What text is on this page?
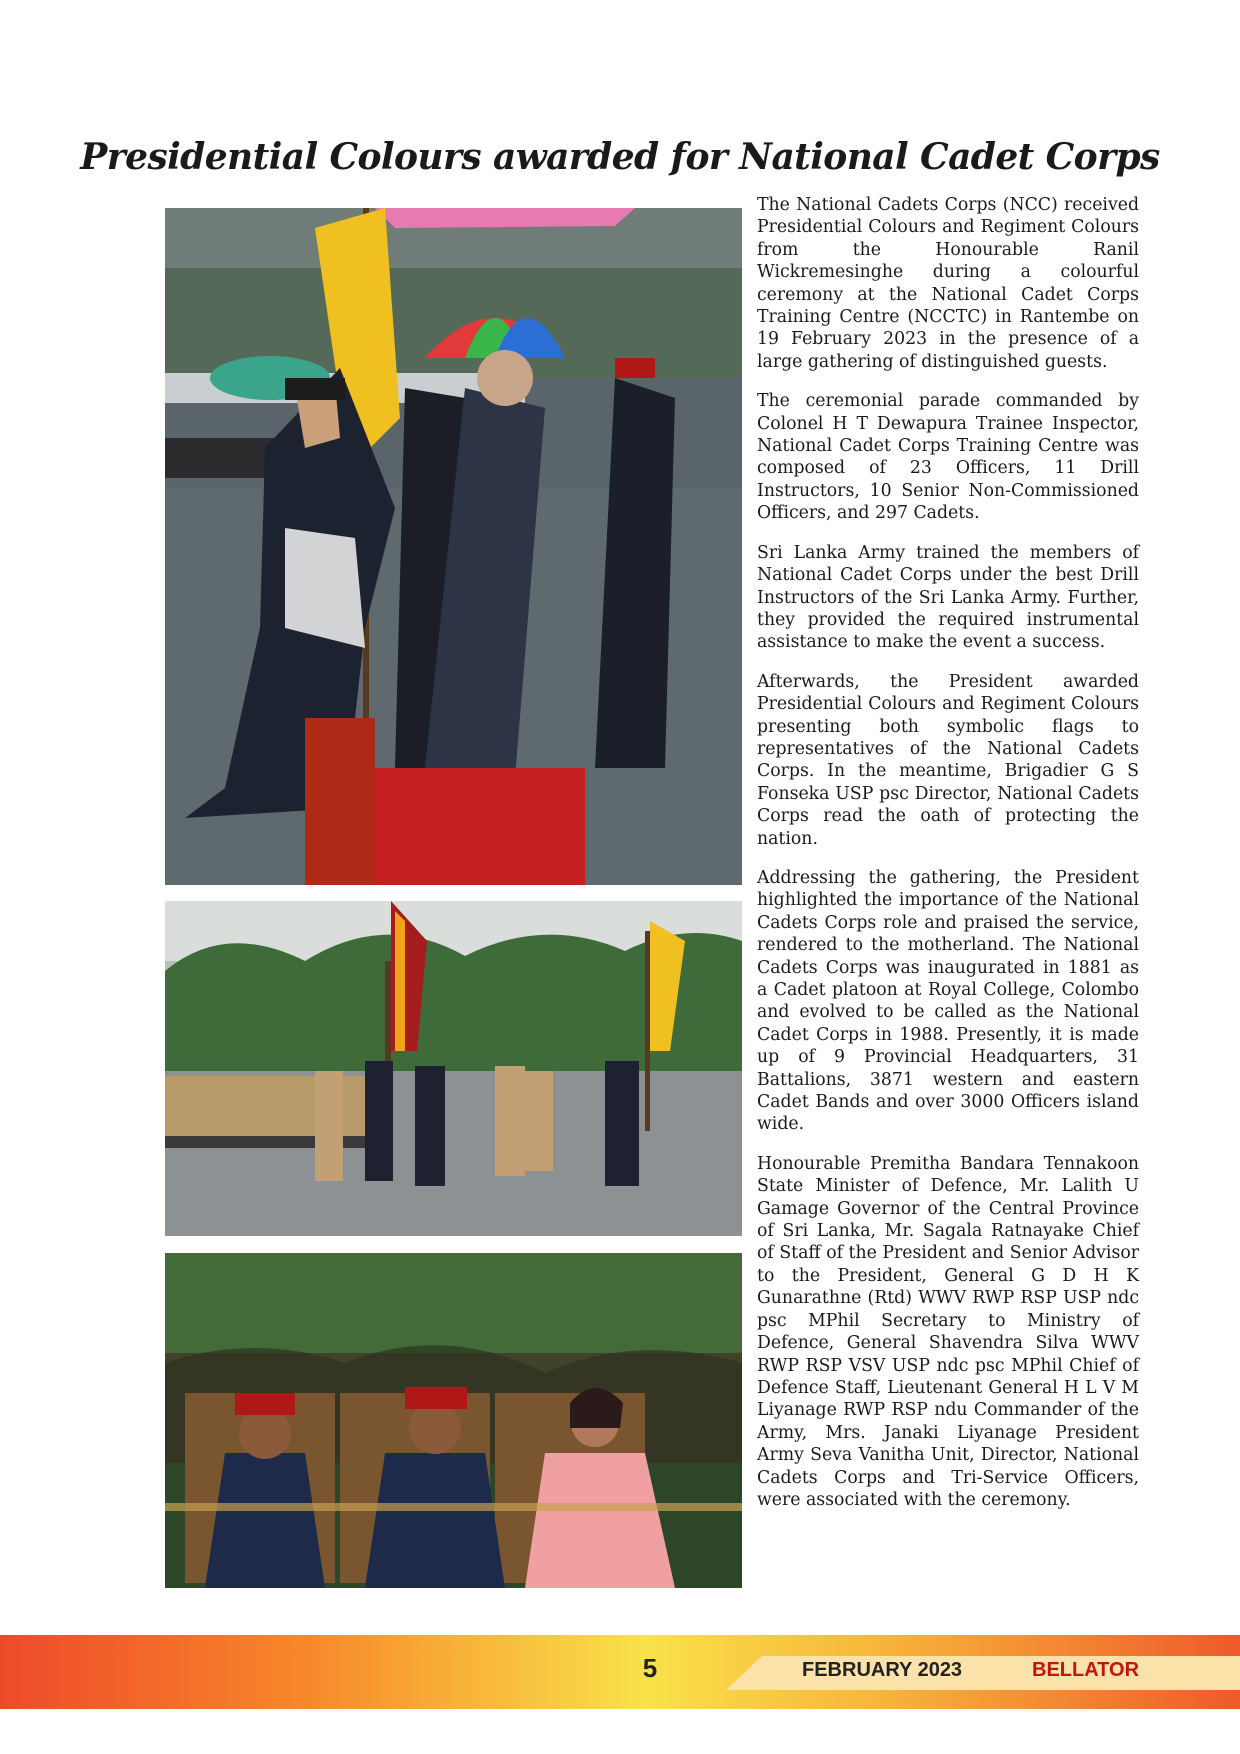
Presidential Colours awarded for National Cadet Corps

The National Cadets Corps (NCC) received Presidential Colours and Regiment Colours from the Honourable Ranil Wickremesinghe during a colourful ceremony at the National Cadet Corps Training Centre (NCCTC) in Rantembe on 19 February 2023 in the presence of a large gathering of distinguished guests.

The ceremonial parade commanded by Colonel H T Dewapura Trainee Inspector, National Cadet Corps Training Centre was composed of 23 Officers, 11 Drill Instructors, 10 Senior Non-Commissioned Officers, and 297 Cadets.

Sri Lanka Army trained the members of National Cadet Corps under the best Drill Instructors of the Sri Lanka Army. Further, they provided the required instrumental assistance to make the event a success.

Afterwards, the President awarded Presidential Colours and Regiment Colours presenting both symbolic flags to representatives of the National Cadets Corps. In the meantime, Brigadier G S Fonseka USP psc Director, National Cadets Corps read the oath of protecting the nation.

Addressing the gathering, the President highlighted the importance of the National Cadets Corps role and praised the service, rendered to the motherland. The National Cadets Corps was inaugurated in 1881 as a Cadet platoon at Royal College, Colombo and evolved to be called as the National Cadet Corps in 1988. Presently, it is made up of 9 Provincial Headquarters, 31 Battalions, 3871 western and eastern Cadet Bands and over 3000 Officers island wide.

Honourable Premitha Bandara Tennakoon State Minister of Defence, Mr. Lalith U Gamage Governor of the Central Province of Sri Lanka, Mr. Sagala Ratnayake Chief of Staff of the President and Senior Advisor to the President, General G D H K Gunarathne (Rtd) WWV RWP RSP USP ndc psc MPhil Secretary to Ministry of Defence, General Shavendra Silva WWV RWP RSP VSV USP ndc psc MPhil Chief of Defence Staff, Lieutenant General H L V M Liyanage RWP RSP ndu Commander of the Army, Mrs. Janaki Liyanage President Army Seva Vanitha Unit, Director, National Cadets Corps and Tri-Service Officers, were associated with the ceremony.

5	FEBRUARY 2023	BELLATOR
